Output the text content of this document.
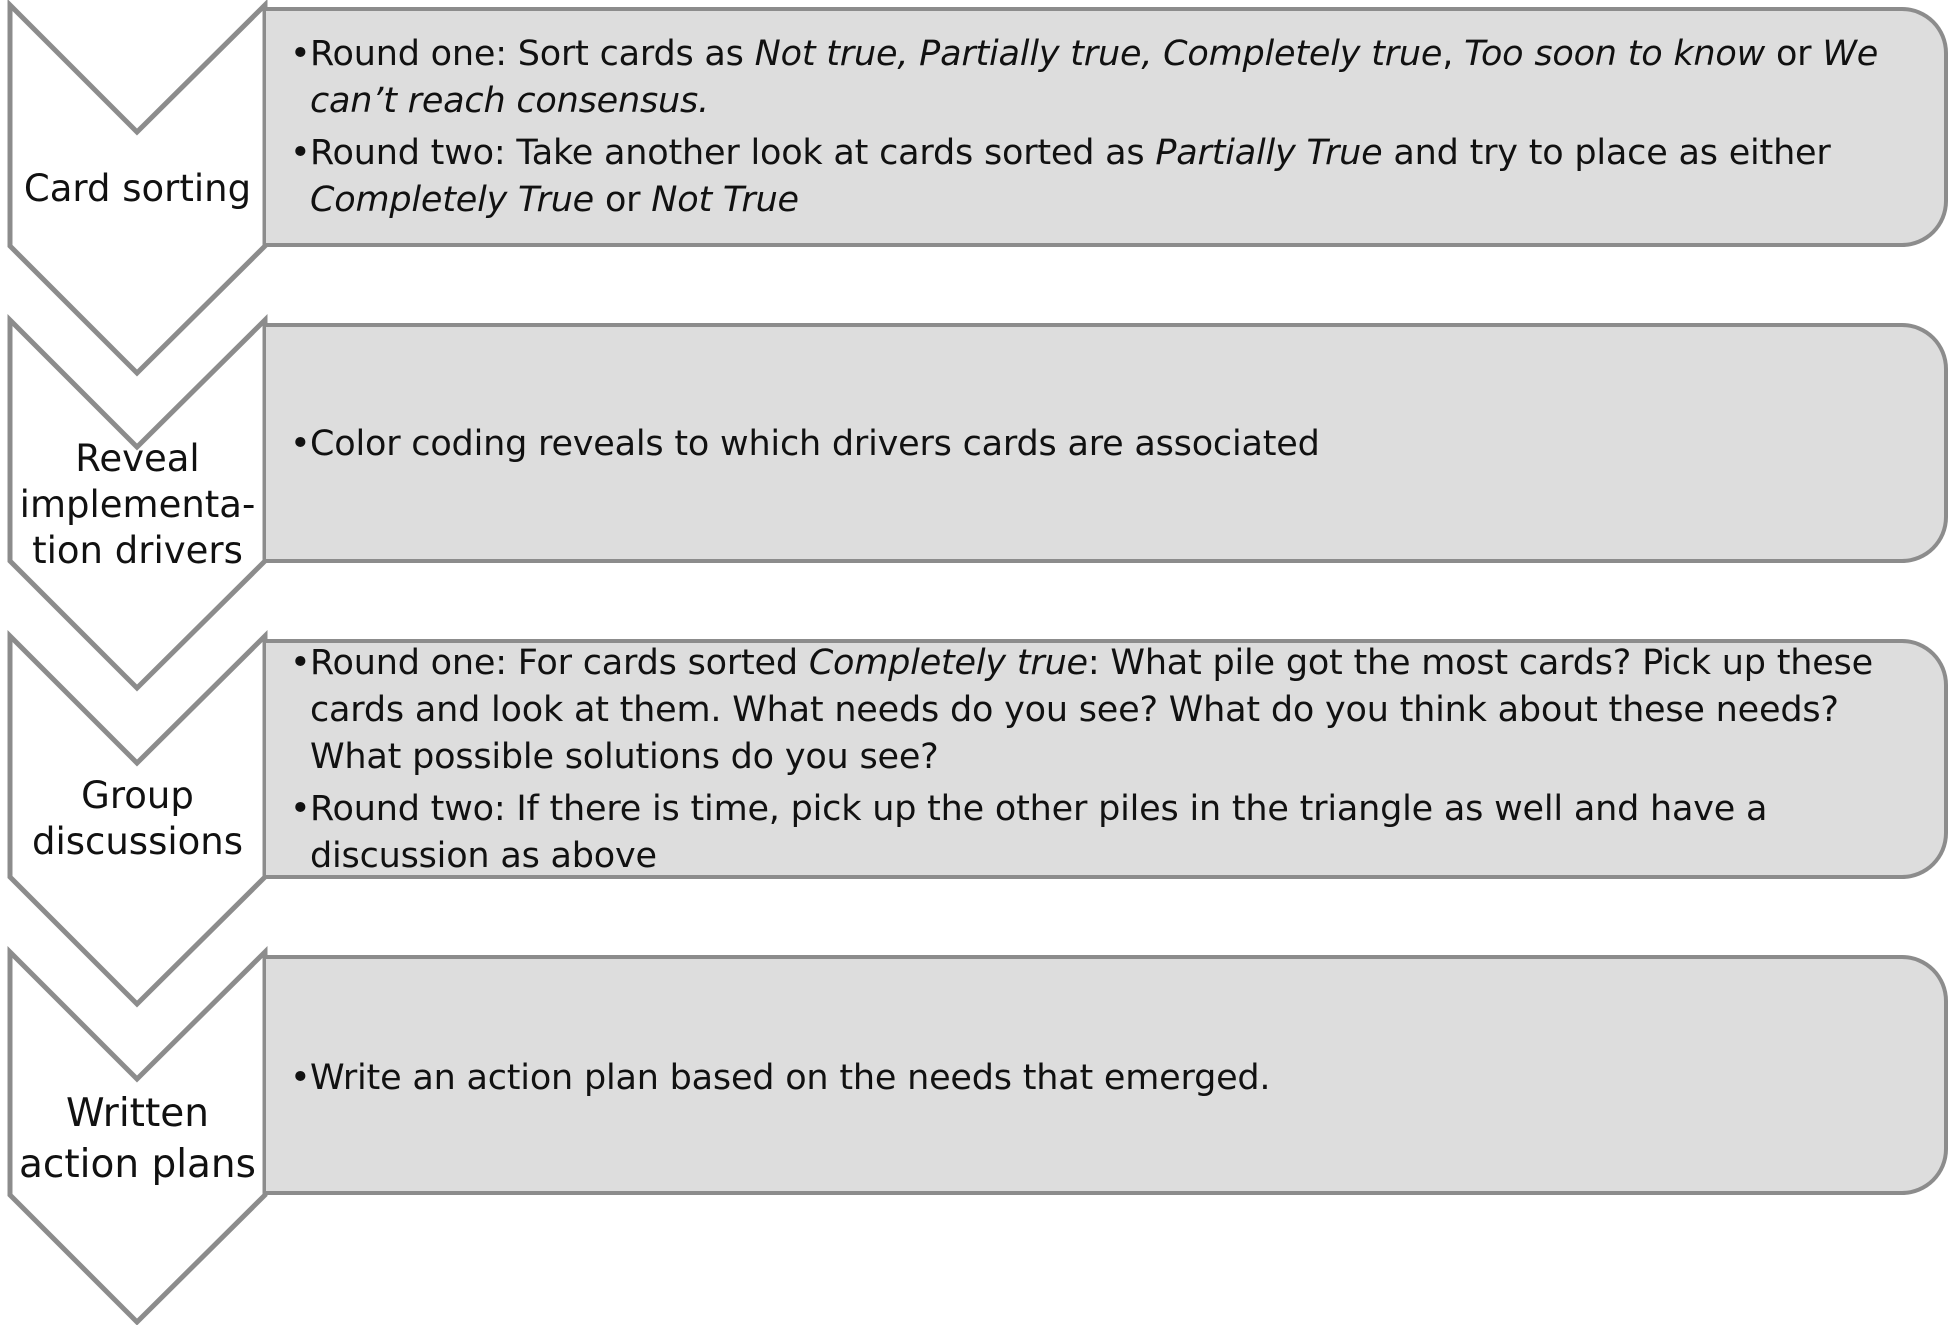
Card sorting
• Round one: Sort cards as Not true, Partially true, Completely true, Too soon to know or We can’t reach consensus.
• Round two: Take another look at cards sorted as Partially True and try to place as either Completely True or Not True
Reveal
implementa-
tion drivers
• Color coding reveals to which drivers cards are associated
Group
discussions
• Round one: For cards sorted Completely true: What pile got the most cards? Pick up these cards and look at them. What needs do you see? What do you think about these needs? What possible solutions do you see?
• Round two: If there is time, pick up the other piles in the triangle as well and have a discussion as above
Written
action plans
• Write an action plan based on the needs that emerged.
